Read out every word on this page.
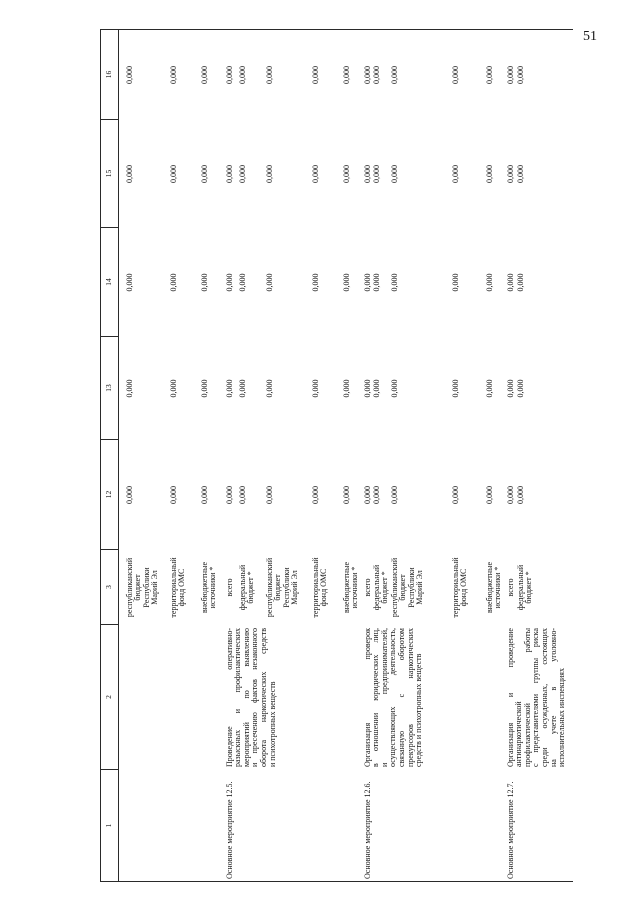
51
1
2
3
12
13
14
15
16
Основное мероприятие 12.5.
Проведение оперативно- разыскных и профилактических мероприятий по выявлению и пресечению фактов незаконного оборота наркотических средств и психотропных веществ
Основное мероприятие 12.6.
Организация проверок в отношении юридических лиц, и предпринимателей, осуществляющих деятельность, связанную с оборотом прекурсоров наркотических средств и психотропных веществ
Основное мероприятие 12.7.
Организация и проведение антинаркотической профилактической работы с представителями группы риска среди осужденных, состоящих на учете в уголовно- исполнительных инспекциях
республиканский
бюджет
Республики
Марий Эл
0,000
0,000
0,000
0,000
0,000
территориальный
фонд ОМС
0,000
0,000
0,000
0,000
0,000
внебюджетные
источники *
0,000
0,000
0,000
0,000
0,000
всего
0,000
0,000
0,000
0,000
0,000
федеральный
бюджет *
0,000
0,000
0,000
0,000
0,000
республиканский
бюджет
Республики
Марий Эл
0,000
0,000
0,000
0,000
0,000
территориальный
фонд ОМС
0,000
0,000
0,000
0,000
0,000
внебюджетные
источники *
0,000
0,000
0,000
0,000
0,000
всего
0,000
0,000
0,000
0,000
0,000
федеральный
бюджет *
0,000
0,000
0,000
0,000
0,000
республиканский
бюджет
Республики
Марий Эл
0,000
0,000
0,000
0,000
0,000
территориальный
фонд ОМС
0,000
0,000
0,000
0,000
0,000
внебюджетные
источники *
0,000
0,000
0,000
0,000
0,000
всего
0,000
0,000
0,000
0,000
0,000
федеральный
бюджет *
0,000
0,000
0,000
0,000
0,000
